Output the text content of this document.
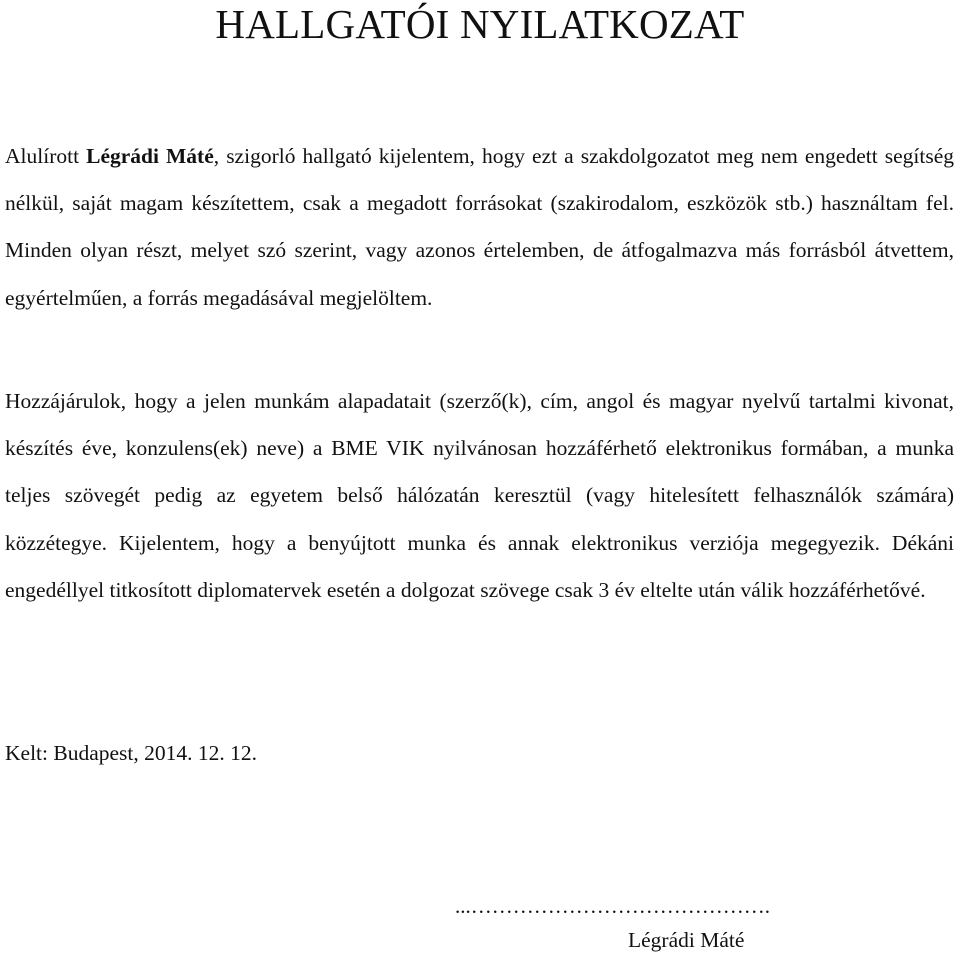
HALLGATÓI NYILATKOZAT

Alulírott Légrádi Máté, szigorló hallgató kijelentem, hogy ezt a szakdolgozatot meg nem engedett segítség nélkül, saját magam készítettem, csak a megadott forrásokat (szakirodalom, eszközök stb.) használtam fel. Minden olyan részt, melyet szó szerint, vagy azonos értelemben, de átfogalmazva más forrásból átvettem, egyértelműen, a forrás megadásával megjelöltem.

Hozzájárulok, hogy a jelen munkám alapadatait (szerző(k), cím, angol és magyar nyelvű tartalmi kivonat, készítés éve, konzulens(ek) neve) a BME VIK nyilvánosan hozzáférhető elektronikus formában, a munka teljes szövegét pedig az egyetem belső hálózatán keresztül (vagy hitelesített felhasználók számára) közzétegye. Kijelentem, hogy a benyújtott munka és annak elektronikus verziója megegyezik. Dékáni engedéllyel titkosított diplomatervek esetén a dolgozat szövege csak 3 év eltelte után válik hozzáférhetővé.

Kelt: Budapest, 2014. 12. 12.

...…………………………………….

Légrádi Máté
